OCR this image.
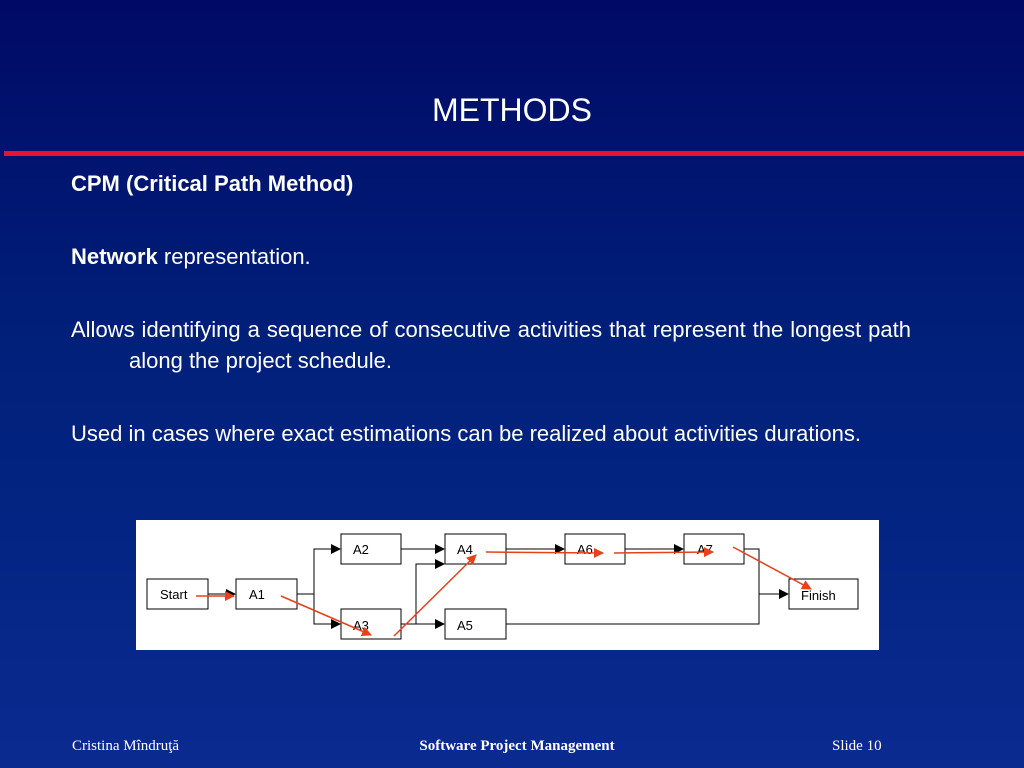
METHODS

CPM (Critical Path Method)

Network representation.

Allows identifying a sequence of consecutive activities that represent the longest path along the project schedule.

Used in cases where exact estimations can be realized about activities durations.

Start	A1
A2
A3
A4
A5
A6	A7
Finish
Cristina Mîndruţă	Software Project Management	Slide 10
